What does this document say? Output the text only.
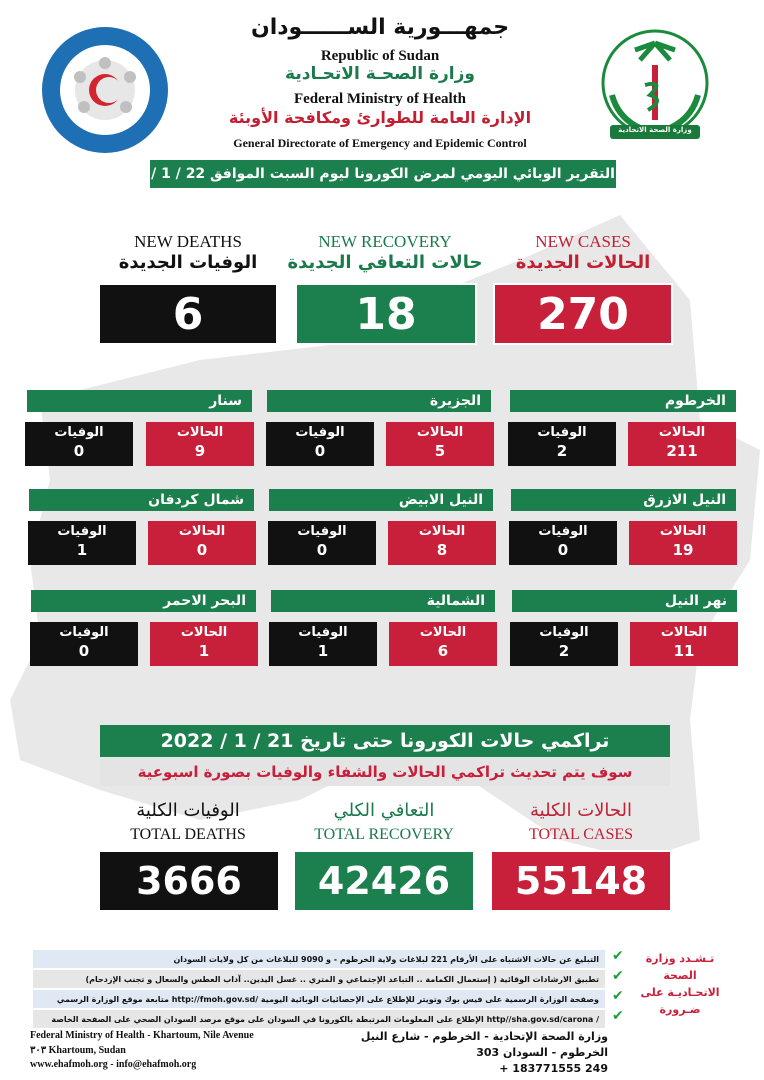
وزارة الصحة الاتحادية
جمهـــورية الســــــودان
Republic of Sudan
وزارة الصحـة الاتحـادية
Federal Ministry of Health
الإدارة العامة للطوارئ ومكافحة الأوبئة
General Directorate of Emergency and Epidemic Control
التقرير الوبائي اليومي لمرض الكورونا ليوم السبت الموافق 22 / 1 / 2022
NEW DEATHS
الوفيات الجديدة
6
NEW RECOVERY
حالات التعافي الجديدة
18
NEW CASES
الحالات الجديدة
270
الخرطوم
الحالات
211
الوفيات
2
الجزيرة
الحالات
5
الوفيات
0
سنار
الحالات
9
الوفيات
0
النيل الازرق
الحالات
19
الوفيات
0
النيل الابيض
الحالات
8
الوفيات
0
شمال كردفان
الحالات
0
الوفيات
1
نهر النيل
الحالات
11
الوفيات
2
الشمالية
الحالات
6
الوفيات
1
البحر الاحمر
الحالات
1
الوفيات
0
تراكمي حالات الكورونا حتى تاريخ 21 / 1 / 2022
سوف يتم تحديث تراكمي الحالات والشفاء والوفيات بصورة اسبوعية
الوفيات الكلية
TOTAL DEATHS
3666
التعافي الكلي
TOTAL RECOVERY
42426
الحالات الكلية
TOTAL CASES
55148
التبليغ عن حالات الاشتباه على الأرقام 221 لبلاغات ولاية الخرطوم - و 9090 للبلاغات من كل ولايات السودان
تطبيق الارشادات الوقائية ( إستعمال الكمامة .. التباعد الإجتماعي و المتري .. غسل اليدين.. آداب العطس والسعال و تجنب الإزدحام)
متابعة موقع الوزارة الرسمي http://fmoh.gov.sd/ وصفحة الوزارة الرسمية على فيس بوك وتويتر للإطلاع على الإحصائيات الوبائية اليومية
الإطلاع على المعلومات المرتبطة بالكورونا في السودان على موقع مرصد السودان الصحي على الصفحة الخاصة http//sha.gov.sd/carona /
✔
✔
✔
✔
تـشـدد وزارة الصحة الاتحـاديـة على ضـرورة
Federal Ministry of Health - Khartoum, Nile Avenue
٣٠٣ Khartoum, Sudan
www.ehafmoh.org - info@ehafmoh.org
وزارة الصحة الإتحادية - الخرطوم - شارع النيل
303 الخرطوم - السودان
+ 183771555 249
